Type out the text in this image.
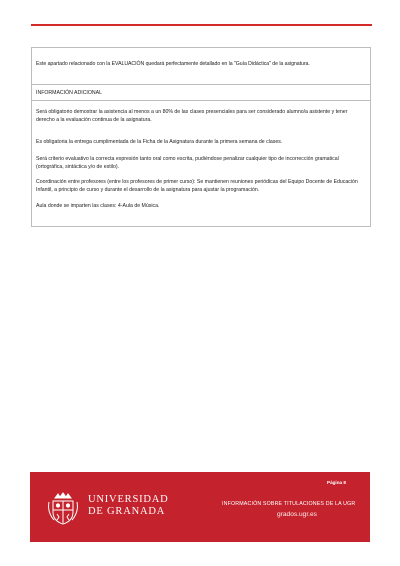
Este apartado relacionado con la EVALUACIÓN quedará perfectamente detallado en la "Guía Didáctica" de la asignatura.

INFORMACIÓN ADICIONAL

Será obligatorio demostrar la asistencia al menos a un 80% de las clases presenciales para ser considerado alumno/a asistente y tener derecho a la evaluación continua de la asignatura.

Es obligatoria la entrega cumplimentada de la Ficha de la Asignatura durante la primera semana de clases.

Será criterio evaluativo la correcta expresión tanto oral como escrita, pudiéndose penalizar cualquier tipo de incorrección gramatical (ortográfica, sintáctica y/o de estilo).

Coordinación entre profesores (entre los profesores de primer curso): Se mantienen reuniones periódicas del Equipo Docente de Educación Infantil, a principio de curso y durante el desarrollo de la asignatura para ajustar la programación.

Aula donde se imparten las clases: 4-Aula de Música.

UNIVERSIDAD
DE GRANADA
Página 8
INFORMACIÓN SOBRE TITULACIONES DE LA UGR
grados.ugr.es
